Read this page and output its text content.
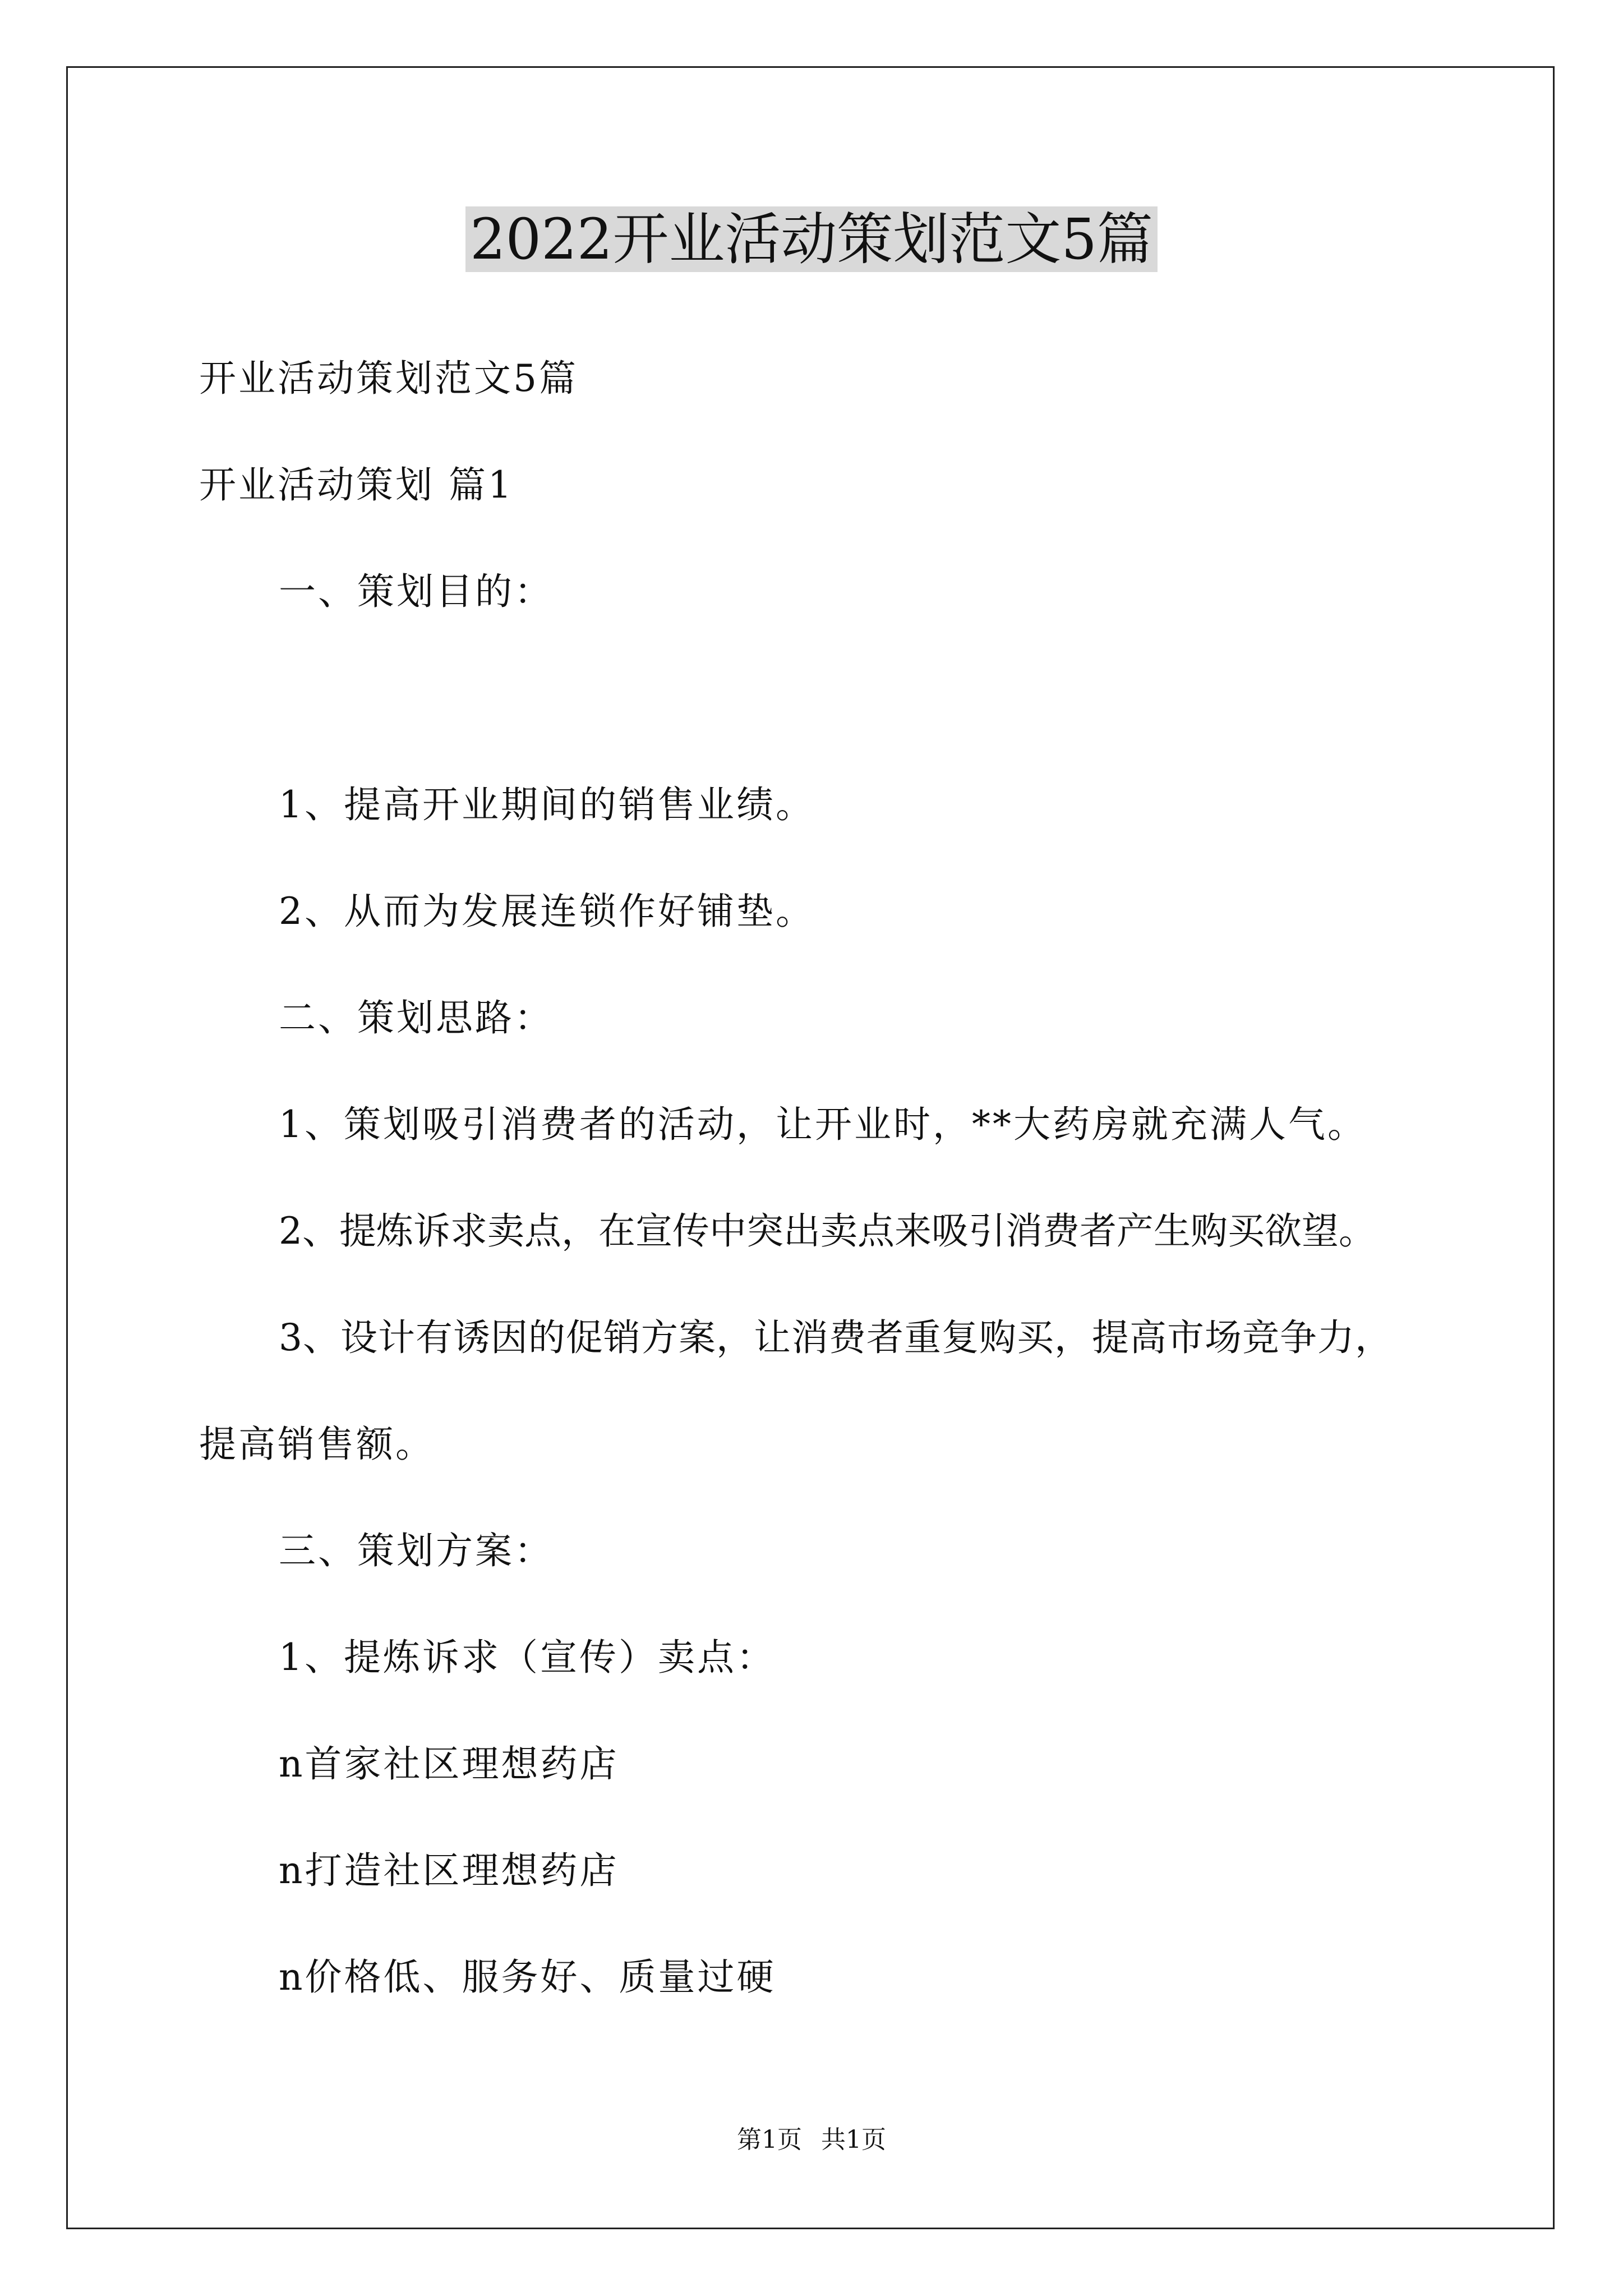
2022开业活动策划范文5篇
开业活动策划范文5篇
开业活动策划 篇1
一、策划目的：
1、提高开业期间的销售业绩。
2、从而为发展连锁作好铺垫。
二、策划思路：
1、策划吸引消费者的活动，让开业时，**大药房就充满人气。
2、提炼诉求卖点，在宣传中突出卖点来吸引消费者产生购买欲望。
3、设计有诱因的促销方案，让消费者重复购买，提高市场竞争力，
提高销售额。
三、策划方案：
1、提炼诉求（宣传）卖点：
n首家社区理想药店
n打造社区理想药店
n价格低、服务好、质量过硬
第1页 共1页
